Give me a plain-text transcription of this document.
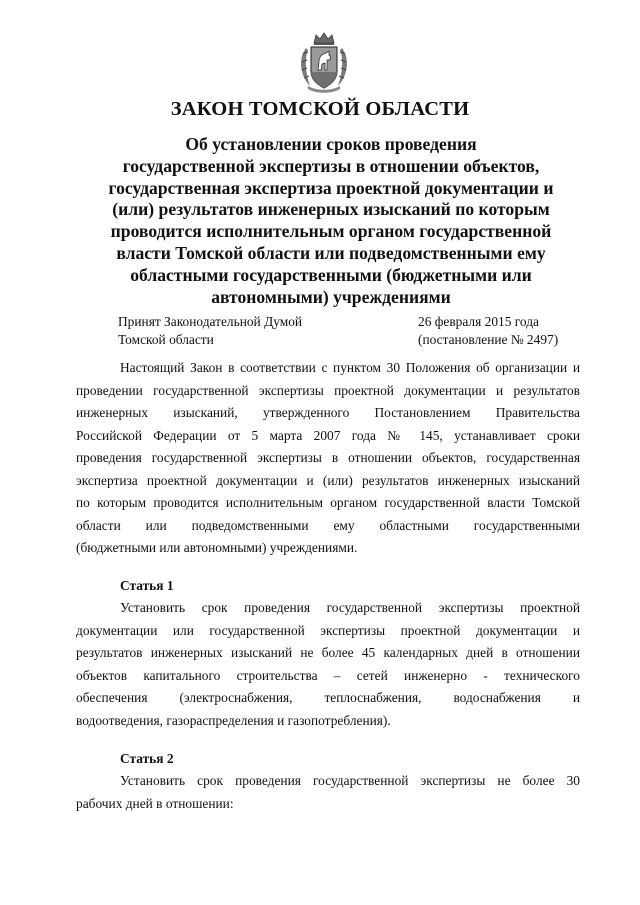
ЗАКОН ТОМСКОЙ ОБЛАСТИ
Об установлении сроков проведения
государственной экспертизы в отношении объектов,
государственная экспертиза проектной документации и
(или) результатов инженерных изысканий по которым
проводится исполнительным органом государственной
власти Томской области или подведомственными ему
областными государственными (бюджетными или
автономными) учреждениями
Принят Законодательной Думой
Томской области
26 февраля 2015 года
(постановление № 2497)
Настоящий Закон в соответствии с пунктом 30 Положения об организации и
проведении государственной экспертизы проектной документации и результатов
инженерных изысканий, утвержденного Постановлением Правительства
Российской Федерации от 5 марта 2007 года № 145, устанавливает сроки
проведения государственной экспертизы в отношении объектов, государственная
экспертиза проектной документации и (или) результатов инженерных изысканий
по которым проводится исполнительным органом государственной власти Томской
области или подведомственными ему областными государственными
(бюджетными или автономными) учреждениями.
Статья 1
Установить срок проведения государственной экспертизы проектной
документации или государственной экспертизы проектной документации и
результатов инженерных изысканий не более 45 календарных дней в отношении
объектов капитального строительства – сетей инженерно - технического
обеспечения (электроснабжения, теплоснабжения, водоснабжения и
водоотведения, газораспределения и газопотребления).
Статья 2
Установить срок проведения государственной экспертизы не более 30
рабочих дней в отношении:
